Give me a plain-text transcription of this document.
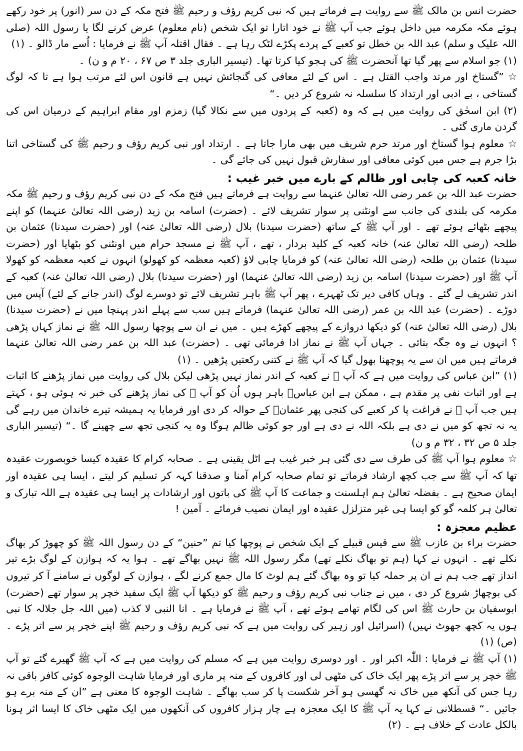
حضرت انس بن مالک ﷺ سے روایت ہے فرماتے ہیں کہ نبی کریم رؤف و رحیم ﷺ فتح مکہ کے دن سر (انور) پر خود رکھے ہوئے مکہ مکرمہ میں داخل ہوئے جب آپ ﷺ نے خود اتارا تو ایک شخص (نام معلوم) عرض کرنے لگا یا رسول اللہ (صلی اللہ علیک و سلم) عبد اللہ بن خطل تو کعبے کے پردے پکڑے لٹک رہا ہے ۔ فقال اقتلہ آپ ﷺ نے فرمایا : اُسے مار ڈالو ۔ (۱)

(۱) جو اسلام سے پھر گیا تھا آنحضرت ﷺ کی ہجو کیا کرتا تھا۔ (تیسیر الباری جلد ۳ ص ۶۷ ، ۲۰ م و ن) ۔

☆ ”گستاخ اور مرتد واجب القتل ہے ۔ اس کے لئے معافی کی گنجائش نہیں ہے قانون اس لئے مرتب ہوا ہے تا کہ لوگ گستاخی ، بے ادبی اور ارتداد کا سلسلہ نہ شروع کر دیں ۔“

(۲) ابن اسحٰق کی روایت میں ہے کہ وہ (کعبہ کے پردوں میں سے نکالا گیا) زمزم اور مقام ابراہیم کے درمیان اس کی گردن ماری گئی ۔

☆ معلوم ہوا گستاخ اور مرتد حرم شریف میں بھی مارا جاتا ہے ۔ ارتداد اور نبی کریم رؤف و رحیم ﷺ کی گستاخی اتنا بڑا جرم ہے جس میں کوئی معافی اور سفارش قبول نہیں کی جائے گی ۔

خانہ کعبہ کی چابی اور ظالم کے بارے میں خبر غیب :

حضرت عبد اللہ بن عمر رضی اللہ تعالیٰ عنہما سے روایت ہے فرماتے ہیں فتح مکہ کے دن نبی کریم رؤف و رحیم ﷺ مکہ مکرمہ کی بلندی کی جانب سے اونٹنی پر سوار تشریف لائے ۔ (حضرت) اسامہ بن زید (رضی اللہ تعالیٰ عنہما) کو اپنے پیچھے بٹھائے ہوئے تھے ۔ اور آپ ﷺ کے ساتھ (حضرت سیدنا) بلال (رضی اللہ تعالیٰ عنہ) اور (حضرت سیدنا) عثمان بن طلحہ (رضی اللہ تعالیٰ عنہ) خانہ کعبہ کے کلید بردار ، تھے ، آپ ﷺ نے مسجد حرام میں اونٹنی کو بٹھایا اور (حضرت سیدنا) عثمان بن طلحہ (رضی اللہ تعالیٰ عنہ) کو فرمایا چابی لاؤ (کعبہ معظمہ کو کھولو) انہوں نے کعبہ معظمہ کو کھولا آپ ﷺ اور (حضرت سیدنا) اسامہ بن زید (رضی اللہ تعالیٰ عنہما) اور (حضرت سیدنا) بلال (رضی اللہ تعالیٰ عنہ) کعبہ کے اندر تشریف لے گئے ۔ وہاں کافی دیر تک ٹھہرے ، پھر آپ ﷺ باہر تشریف لائے تو دوسرے لوگ (اندر جانے کے لئے) آپس میں دوڑے ۔ (حضرت) عبد اللہ بن عمر (رضی اللہ تعالیٰ عنہما) فرماتے ہیں سب سے پہلے اندر پہنچا میں نے (حضرت سیدنا) بلال (رضی اللہ تعالیٰ عنہ) کو دیکھا دروازے کے پیچھے کھڑے ہیں ۔ میں نے ان سے پوچھا رسول اللہ ﷺ نے نماز کہاں پڑھی ؟ انہوں نے وہ جگہ بتائی ۔ جہاں آپ ﷺ نے نماز ادا فرمائی تھی ۔ (حضرت) عبد اللہ بن عمر رضی اللہ تعالیٰ عنہما فرماتے ہیں میں ان سے یہ پوچھنا بھول گیا کہ آپ ﷺ نے کتنی رکعتیں پڑھیں ۔ (۱)

(۱) ”ابن عباس کی روایت میں ہے کہ آپ ﷺ نے کعبہ کے اندر نماز نہیں پڑھی لیکن بلال کی روایت میں نماز پڑھنے کا اثبات ہے اور اثبات نفی پر مقدم ہے ، ممکن ہے ابن عباسؓ باہر ہوں اُن کو آپ ﷺ کی نماز پڑھنے کی خبر نہ ہوئی ہو ، کہتے ہیں جب آپ ﷺ نے فراغت پا کر کعبے کی کنجی پھر عثمانؓ کے حوالہ کر دی اور فرمایا یہ ہمیشہ تیرے خاندان میں رہے گی یہ نہ تجھ کو میں نے دی ہے بلکہ اللہ نے دی ہے اور جو کوئی ظالم ہوگا وہ یہ کنجی تجھ سے چھینے گا ۔“ (تیسیر الباری جلد ۵ ص ۳۲ ، ۳۲ م و ن)

☆ معلوم ہوا آپ ﷺ کی طرف سے دی گئی ہر خبر غیب ہے اٹل یقینی ہے ۔ صحابہ کرام کا عقیدہ کیسا خوبصورت عقیدہ تھا کہ آپ ﷺ سے جب کچھ ارشاد فرماتے تو تمام صحابہ کرام آمنا و صدقنا کہہ کر تسلیم کر لیتے ، ایسا ہی عقیدہ اور ایمان صحیح ہے ۔ بفضلہ تعالیٰ ہم اہلسنت و جماعت کا آپ ﷺ کی باتوں اور ارشادات پر ایسا ہی عقیدہ ہے اللہ تبارک و تعالیٰ ہر کلمہ گو کو ایسا ہی غیر متزلزل عقیدہ اور ایمان نصیب فرمائے ۔ آمین !

عظیم معجزہ :

حضرت براء بن عازب ﷺ سے قیس قبیلے کے ایک شخص نے پوچھا کیا تم ”حنین“ کے دن رسول اللہ ﷺ کو چھوڑ کر بھاگ نکلے تھے ۔ انہوں نے کہا (ہم تو بھاگ نکلے تھے) مگر رسول اللہ ﷺ نہیں بھاگے تھے ۔ ہوا یہ کہ ہوازن کے لوگ بڑے تیر انداز تھے جب ہم نے ان پر حملہ کیا تو وہ بھاگ گئے ہم لوٹ کا مال جمع کرنے لگے ، ہوازن کے لوگوں نے سامنے آ کر تیروں کی بوچھاڑ شروع کر دی ، میں نے جناب نبی کریم رؤف و رحیم ﷺ کو دیکھا آپ ﷺ ایک سفید خچر پر سوار تھے (حضرت) ابوسفیان بن حارث ﷺ اس کی لگام تھامے ہوئے تھے ، آپ ﷺ نے فرمایا ہے ۔ انا النبی لا کذب (میں اللہ جل جلالہ کا نبی ہوں یہ کچھ جھوٹ نہیں) (اسرائیل اور زہیر کی روایت میں ہے کہ نبی کریم رؤف و رحیم ﷺ اپنے خچر پر سے اتر پڑے ۔ (ص) (۱)

(۱) آپ ﷺ نے فرمایا : اللّٰہ اکبر اور ۔ اور دوسری روایت میں ہے کہ مسلم کی روایت میں ہے کہ آپ ﷺ گھیرے گئے تو آپ ﷺ خچر پر سے اتر پڑے پھر ایک خاک کی مٹھی لی اور کافروں کے منہ پر ماری اور فرمایا شاہت الوجوہ کوئی کافر باقی نہ رہا جس کی آنکھ میں خاک نہ گھسی ہو آخر شکست پا کر سب بھاگے ۔ شاہت الوجوہ کا معنی ہے ”ان کے منہ برے ہو جائیں ۔“ قسطلانی نے کہا یہ آپ ﷺ کا ایک معجزہ ہے چار ہزار کافروں کی آنکھوں میں ایک مٹھی خاک کا ایسا اثر ہونا بالکل عادت کے خلاف ہے ۔ (۲)
